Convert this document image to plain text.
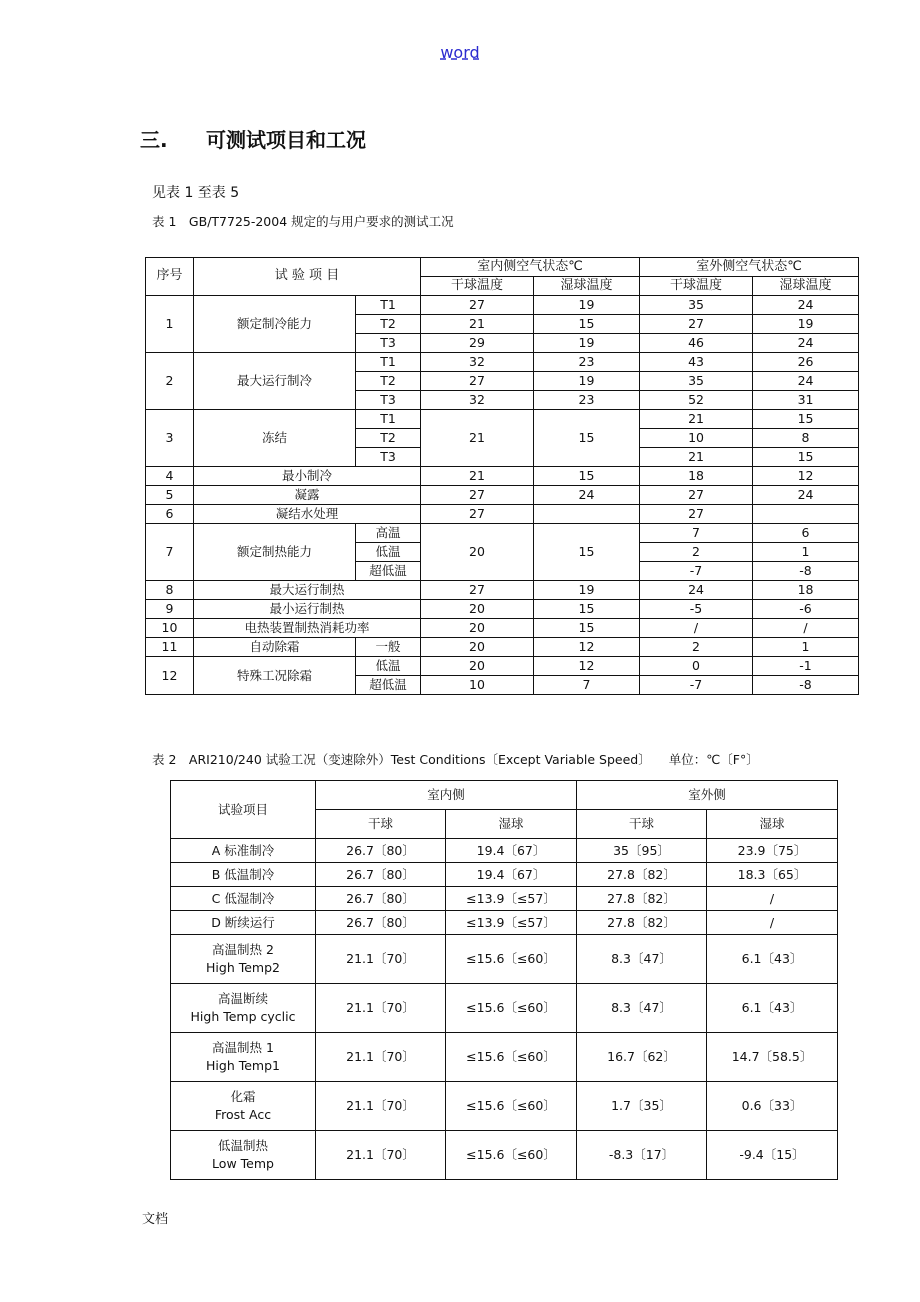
word
三. 可测试项目和工况
见表 1 至表 5
表 1　GB/T7725-2004 规定的与用户要求的测试工况
序号	试 验 项 目		室内侧空气状态℃		室外侧空气状态℃	
			干球温度	湿球温度	干球温度	湿球温度
1	额定制冷能力	T1	27	19	35	24
		T2	21	15	27	19
		T3	29	19	46	24
2	最大运行制冷	T1	32	23	43	26
		T2	27	19	35	24
		T3	32	23	52	31
3	冻结	T1	21	15	21	15
		T2			10	8
		T3			21	15
4	最小制冷		21	15	18	12
5	凝露		27	24	27	24
6	凝结水处理		27		27	
7	额定制热能力	高温	20	15	7	6
		低温			2	1
		超低温			-7	-8
8	最大运行制热		27	19	24	18
9	最小运行制热		20	15	-5	-6
10	电热装置制热消耗功率		20	15	/	/
11	自动除霜	一般	20	12	2	1
12	特殊工况除霜	低温	20	12	0	-1
		超低温	10	7	-7	-8
表 2　ARI210/240 试验工况（变速除外）Test Conditions〔Except Variable Speed〕 单位：℃〔F°〕
试验项目	室内侧		室外侧	
	干球	湿球	干球	湿球
A 标准制冷	26.7〔80〕	19.4〔67〕	35〔95〕	23.9〔75〕
B 低温制冷	26.7〔80〕	19.4〔67〕	27.8〔82〕	18.3〔65〕
C 低湿制冷	26.7〔80〕	≤13.9〔≤57〕	27.8〔82〕	/
D 断续运行	26.7〔80〕	≤13.9〔≤57〕	27.8〔82〕	/
高温制热 2
High Temp2	21.1〔70〕	≤15.6〔≤60〕	8.3〔47〕	6.1〔43〕
高温断续
High Temp cyclic	21.1〔70〕	≤15.6〔≤60〕	8.3〔47〕	6.1〔43〕
高温制热 1
High Temp1	21.1〔70〕	≤15.6〔≤60〕	16.7〔62〕	14.7〔58.5〕
化霜
Frost Acc	21.1〔70〕	≤15.6〔≤60〕	1.7〔35〕	0.6〔33〕
低温制热
Low Temp	21.1〔70〕	≤15.6〔≤60〕	-8.3〔17〕	-9.4〔15〕
文档
